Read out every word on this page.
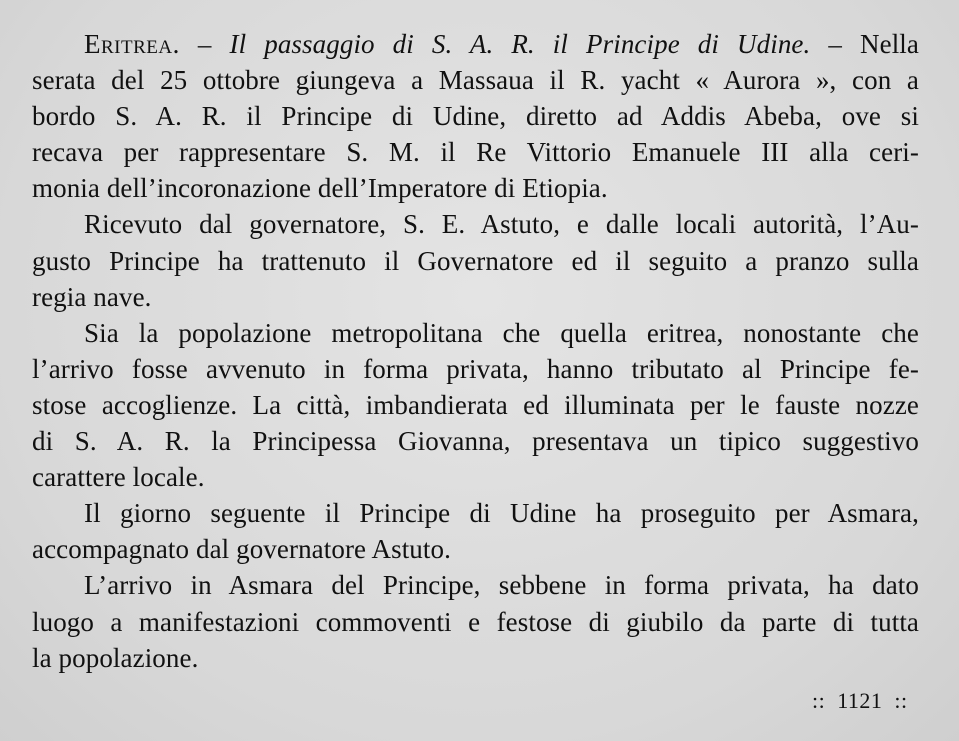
Eritrea. – Il passaggio di S. A. R. il Principe di Udine. – Nella
serata del 25 ottobre giungeva a Massaua il R. yacht « Aurora », con a
bordo S. A. R. il Principe di Udine, diretto ad Addis Abeba, ove si
recava per rappresentare S. M. il Re Vittorio Emanuele III alla ceri-
monia dell’incoronazione dell’Imperatore di Etiopia.
Ricevuto dal governatore, S. E. Astuto, e dalle locali autorità, l’Au-
gusto Principe ha trattenuto il Governatore ed il seguito a pranzo sulla
regia nave.
Sia la popolazione metropolitana che quella eritrea, nonostante che
l’arrivo fosse avvenuto in forma privata, hanno tributato al Principe fe-
stose accoglienze. La città, imbandierata ed illuminata per le fauste nozze
di S. A. R. la Principessa Giovanna, presentava un tipico suggestivo
carattere locale.
Il giorno seguente il Principe di Udine ha proseguito per Asmara,
accompagnato dal governatore Astuto.
L’arrivo in Asmara del Principe, sebbene in forma privata, ha dato
luogo a manifestazioni commoventi e festose di giubilo da parte di tutta
la popolazione.
::  1121  ::
